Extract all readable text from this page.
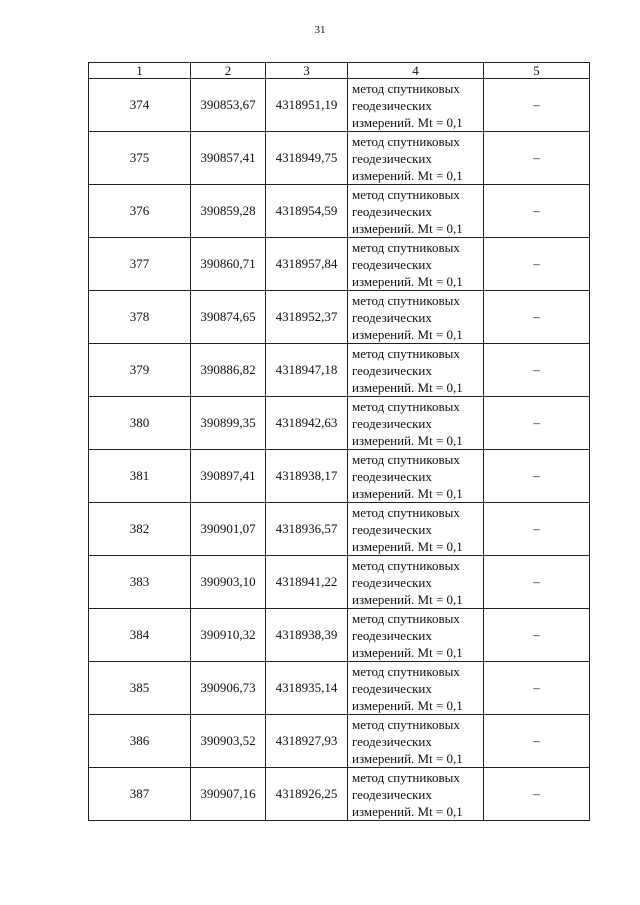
31
1	2	3	4	5
374	390853,67	4318951,19	метод спутниковых геодезических измерений. Mt = 0,1	–
375	390857,41	4318949,75	метод спутниковых геодезических измерений. Mt = 0,1	–
376	390859,28	4318954,59	метод спутниковых геодезических измерений. Mt = 0,1	–
377	390860,71	4318957,84	метод спутниковых геодезических измерений. Mt = 0,1	–
378	390874,65	4318952,37	метод спутниковых геодезических измерений. Mt = 0,1	–
379	390886,82	4318947,18	метод спутниковых геодезических измерений. Mt = 0,1	–
380	390899,35	4318942,63	метод спутниковых геодезических измерений. Mt = 0,1	–
381	390897,41	4318938,17	метод спутниковых геодезических измерений. Mt = 0,1	–
382	390901,07	4318936,57	метод спутниковых геодезических измерений. Mt = 0,1	–
383	390903,10	4318941,22	метод спутниковых геодезических измерений. Mt = 0,1	–
384	390910,32	4318938,39	метод спутниковых геодезических измерений. Mt = 0,1	–
385	390906,73	4318935,14	метод спутниковых геодезических измерений. Mt = 0,1	–
386	390903,52	4318927,93	метод спутниковых геодезических измерений. Mt = 0,1	–
387	390907,16	4318926,25	метод спутниковых геодезических измерений. Mt = 0,1	–
